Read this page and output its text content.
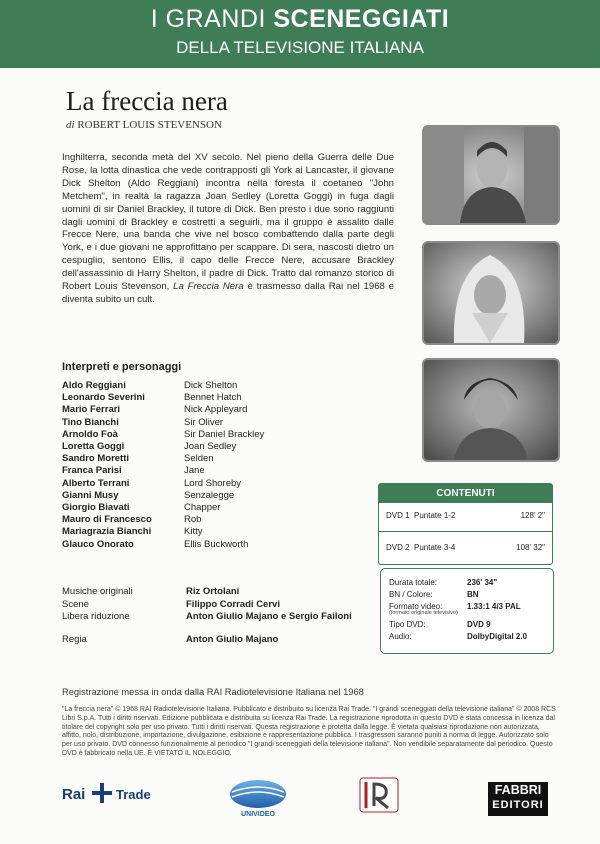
I GRANDI SCENEGGIATI
DELLA TELEVISIONE ITALIANA
La freccia nera
di ROBERT LOUIS STEVENSON
Inghilterra, seconda metà del XV secolo. Nel pieno della Guerra delle Due Rose, la lotta dinastica che vede contrapposti gli York ai Lancaster, il giovane Dick Shelton (Aldo Reggiani) incontra nella foresta il coetaneo "John Metchem", in realtà la ragazza Joan Sedley (Loretta Goggi) in fuga dagli uomini di sir Daniel Brackley, il tutore di Dick. Ben presto i due sono raggiunti dagli uomini di Brackley e costretti a seguirli, ma il gruppo è assalito dalle Frecce Nere, una banda che vive nel bosco combattendo dalla parte degli York, e i due giovani ne approfittano per scappare. Di sera, nascosti dietro un cespuglio, sentono Ellis, il capo delle Frecce Nere, accusare Brackley dell'assassinio di Harry Shelton, il padre di Dick. Tratto dal romanzo storico di Robert Louis Stevenson, La Freccia Nera è trasmesso dalla Rai nel 1968 e diventa subito un cult.
Interpreti e personaggi
Aldo Reggiani	Dick Shelton
Leonardo Severini	Bennet Hatch
Mario Ferrari	Nick Appleyard
Tino Bianchi	Sir Oliver
Arnoldo Foà	Sir Daniel Brackley
Loretta Goggi	Joan Sedley
Sandro Moretti	Selden
Franca Parisi	Jane
Alberto Terrani	Lord Shoreby
Gianni Musy	Senzalegge
Giorgio Biavati	Chapper
Mauro di Francesco	Rob
Mariagrazia Bianchi	Kitty
Glauco Onorato	Ellis Buckworth
Musiche originali	Riz Ortolani
Scene	Filippo Corradi Cervi
Libera riduzione	Anton Giulio Majano e Sergio Failoni
Regia	Anton Giulio Majano
CONTENUTI
DVD 1 Puntate 1-2	128' 2"
DVD 2 Puntate 3-4	108' 32"
Durata totale:	236' 34"
BN / Colore:	BN
Formato video:	1.33:1 4/3 PAL
(formato originale televisivo)
Tipo DVD:	DVD 9
Audio:	DolbyDigital 2.0
Registrazione messa in onda dalla RAI Radiotelevisione Italiana nel 1968
"La freccia nera" © 1968 RAI Radiotelevisione Italiana. Pubblicato e distribuito su licenza Rai Trade. "I grandi sceneggiati della televisione italiana" © 2008 RCS Libri S.p.A. Tutti i diritti riservati. Edizione pubblicata e distribuita su licenza Rai Trade. La registrazione riprodotta in questo DVD è stata concessa in licenza dal titolare del copyright solo per uso privato. Tutti i diritti riservati. Questa registrazione è protetta dalla legge. È vietata qualsiasi riproduzione non autorizzata, affitto, nolo, distribuzione, importazione, divulgazione, esibizione e rappresentazione pubblica. I trasgressori saranno puniti a norma di legge. Autorizzato solo per uso privato. DVD connesso funzionalmente al periodico "I grandi sceneggiati della televisione italiana". Non vendibile separatamente dal periodico. Questo DVD è fabbricato nella UE. È VIETATO IL NOLEGGIO.
Rai Trade
UNIVIDEO
FABBRI
EDITORI
